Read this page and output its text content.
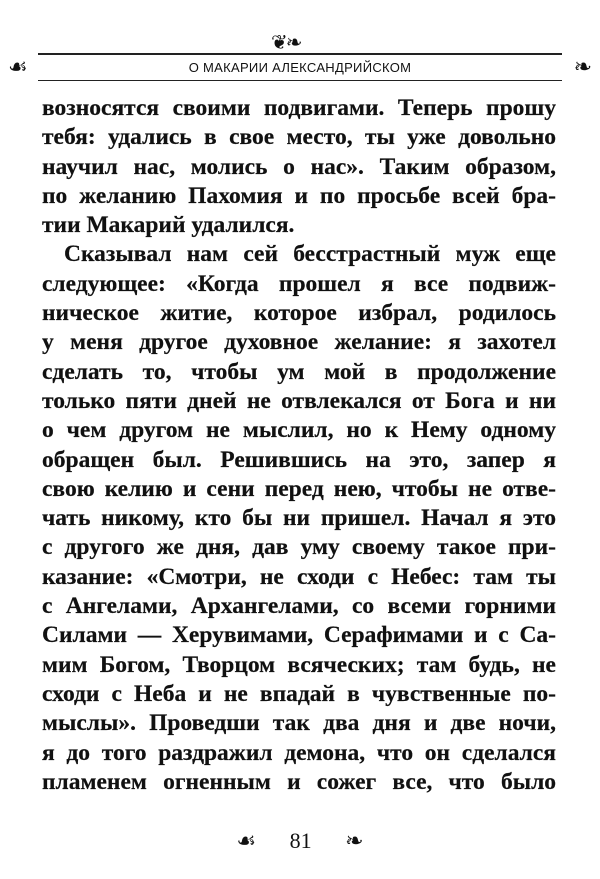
❦❧
☙	О МАКАРИИ АЛЕКСАНДРИЙСКОМ	❧
возносятся своими подвигами. Теперь прошу
тебя: удались в свое место, ты уже довольно
научил нас, молись о нас». Таким образом,
по желанию Пахомия и по просьбе всей бра-
тии Макарий удалился.
Сказывал нам сей бесстрастный муж еще
следующее: «Когда прошел я все подвиж-
ническое житие, которое избрал, родилось
у меня другое духовное желание: я захотел
сделать то, чтобы ум мой в продолжение
только пяти дней не отвлекался от Бога и ни
о чем другом не мыслил, но к Нему одному
обращен был. Решившись на это, запер я
свою келию и сени перед нею, чтобы не отве-
чать никому, кто бы ни пришел. Начал я это
с другого же дня, дав уму своему такое при-
казание: «Смотри, не сходи с Небес: там ты
с Ангелами, Архангелами, со всеми горними
Силами — Херувимами, Серафимами и с Са-
мим Богом, Творцом всяческих; там будь, не
сходи с Неба и не впадай в чувственные по-
мыслы». Проведши так два дня и две ночи,
я до того раздражил демона, что он сделался
пламенем огненным и сожег все, что было
☙ 81 ❧
